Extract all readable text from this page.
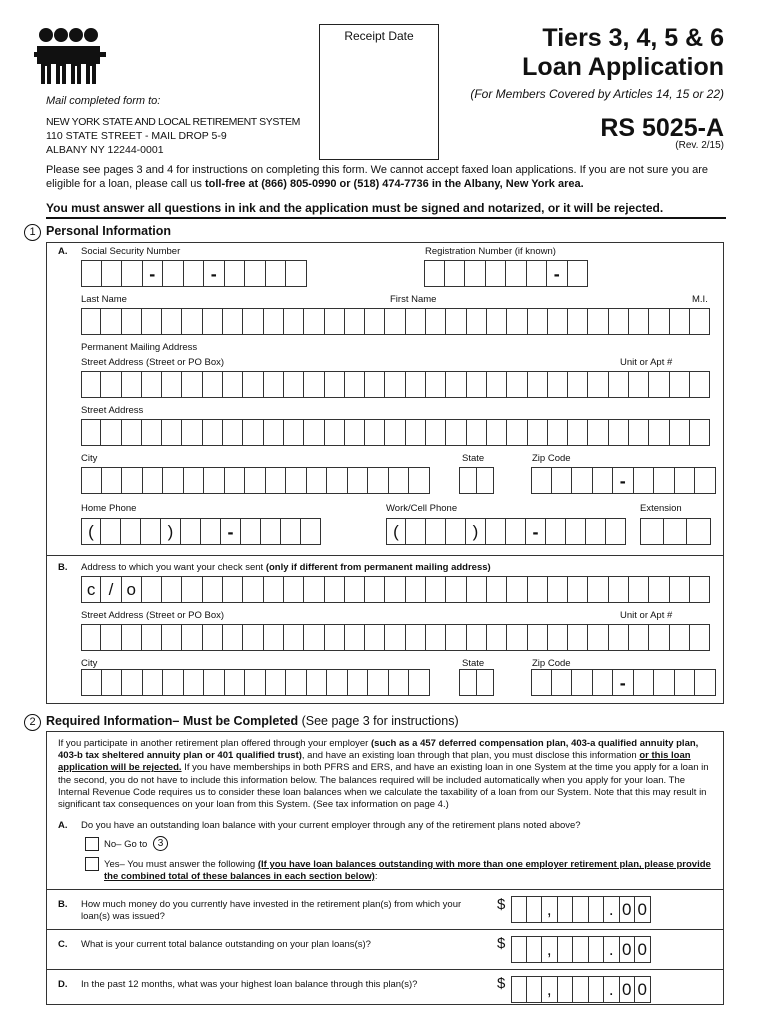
Receipt Date	Tiers 3, 4, 5 & 6
Loan Application
(For Members Covered by Articles 14, 15 or 22)
RS 5025-A
(Rev. 2/15)
Mail completed form to:
NEW YORK STATE AND LOCAL RETIREMENT SYSTEM
110 STATE STREET - MAIL DROP 5-9
ALBANY NY 12244-0001
Please see pages 3 and 4 for instructions on completing this form. We cannot accept faxed loan applications. If you are not sure you are eligible for a loan, please call us toll-free at (866) 805-0990 or (518) 474-7736 in the Albany, New York area.
You must answer all questions in ink and the application must be signed and notarized, or it will be rejected.
1 Personal Information
A. Social Security Number	Registration Number (if known)
-	-	-
Last Name	First Name	M.I.
Permanent Mailing Address
Street Address (Street or PO Box)	Unit or Apt #
Street Address
City	State	Zip Code
-
Home Phone	Work/Cell Phone	Extension
(	)	-	(	)	-
B. Address to which you want your check sent (only if different from permanent mailing address)
c / o
Street Address (Street or PO Box)	Unit or Apt #
City	State	Zip Code
-
2 Required Information– Must be Completed (See page 3 for instructions)
If you participate in another retirement plan offered through your employer (such as a 457 deferred compensation plan, 403-a qualified annuity plan, 403-b tax sheltered annuity plan or 401 qualified trust), and have an existing loan through that plan, you must disclose this information or this loan application will be rejected. If you have memberships in both PFRS and ERS, and have an existing loan in one System at the time you apply for a loan in the second, you do not have to include this information below. The balances required will be included automatically when you apply for your loan. The Internal Revenue Code requires us to consider these loan balances when we calculate the taxability of a loan from our System. Note that this may result in significant tax consequences on your loan from this System. (See tax information on page 4.)
A. Do you have an outstanding loan balance with your current employer through any of the retirement plans noted above?
No– Go to	3
Yes– You must answer the following (If you have loan balances outstanding with more than one employer retirement plan, please provide the combined total of these balances in each section below):
B. How much money do you currently have invested in the retirement plan(s) from which your loan(s) was issued?
$ ,	. 0 0
C. What is your current total balance outstanding on your plan loans(s)?	$ ,	. 0 0
D. In the past 12 months, what was your highest loan balance through this plan(s)?	$ ,	. 0 0
